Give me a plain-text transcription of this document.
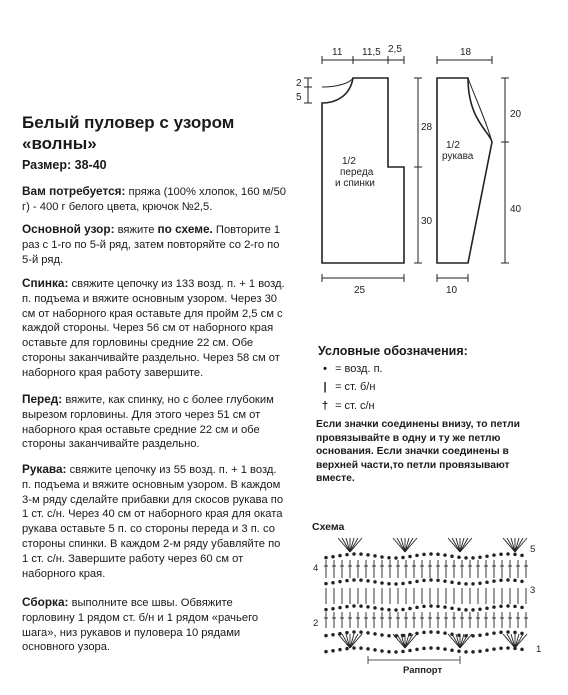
Белый пуловер с узором «волны»
Размер: 38-40
Вам потребуется: пряжа (100% хлопок, 160 м/50 г) - 400 г белого цвета, крючок №2,5.
Основной узор: вяжите по схеме. Повторите 1 раз с 1-го по 5-й ряд, затем повторяйте со 2-го по 5-й ряд.
Спинка: свяжите цепочку из 133 возд. п. + 1 возд. п. подъема и вяжите основным узором. Через 30 см от наборного края оставьте для пройм 2,5 см с каждой стороны. Через 56 см от наборного края оставьте для горловины средние 22 см. Обе стороны заканчивайте раздельно. Через 58 см от наборного края работу завершите.
Перед: вяжите, как спинку, но с более глубоким вырезом горловины. Для этого через 51 см от наборного края оставьте средние 22 см и обе стороны заканчивайте раздельно.
Рукава: свяжите цепочку из 55 возд. п. + 1 возд. п. подъема и вяжите основным узором. В каждом 3-м ряду сделайте прибавки для скосов рукава по 1 ст. с/н. Через 40 см от наборного края для оката рукава оставьте 5 п. со стороны переда и 3 п. со стороны спинки. В каждом 2-м ряду убавляйте по 1 ст. с/н. Завершите работу через 60 см от наборного края.
Сборка: выполните все швы. Обвяжите горловину 1 рядом ст. б/н и 1 рядом «рачьего шага», низ рукавов и пуловера 10 рядами основного узора.
11 11,5 2,5
2
5
28
30
25
1/2
переда
и спинки
18
20
40
10
1/2
рукава
Условные обозначения:
• = возд. п.
| = ст. б/н
† = ст. с/н
Если значки соединены внизу, то петли провязывайте в одну и ту же петлю основания. Если значки соединены в верхней части,то петли провязывают вместе.
Схема
5
4
3
2
1
Раппорт
